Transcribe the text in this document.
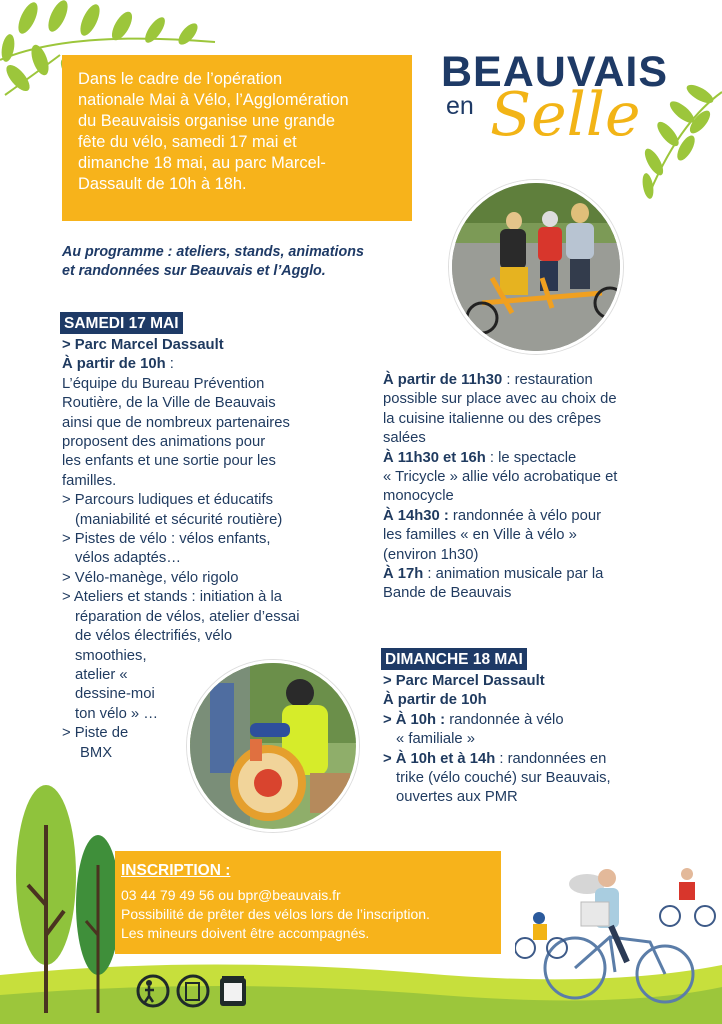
Dans le cadre de l’opération
nationale Mai à Vélo, l’Agglomération
du Beauvaisis organise une grande
fête du vélo, samedi 17 mai et
dimanche 18 mai, au parc Marcel-
Dassault de 10h à 18h.
BEAUVAIS
en Selle
Au programme : ateliers, stands, animations
et randonnées sur Beauvais et l’Agglo.
SAMEDI 17 MAI
> Parc Marcel Dassault
À partir de 10h :
L’équipe du Bureau Prévention
Routière, de la Ville de Beauvais
ainsi que de nombreux partenaires
proposent des animations pour
les enfants et une sortie pour les
familles.
> Parcours ludiques et éducatifs
(maniabilité et sécurité routière)
> Pistes de vélo : vélos enfants,
vélos adaptés…
> Vélo-manège, vélo rigolo
> Ateliers et stands : initiation à la
réparation de vélos, atelier d’essai
de vélos électrifiés, vélo
smoothies,
atelier «
dessine-moi
ton vélo » …
> Piste de
BMX
À partir de 11h30 : restauration
possible sur place avec au choix de
la cuisine italienne ou des crêpes
salées
À 11h30 et 16h : le spectacle
« Tricycle » allie vélo acrobatique et
monocycle
À 14h30 : randonnée à vélo pour
les familles « en Ville à vélo »
(environ 1h30)
À 17h : animation musicale par la
Bande de Beauvais
DIMANCHE 18 MAI
> Parc Marcel Dassault
À partir de 10h
> À 10h : randonnée à vélo
« familiale »
> À 10h et à 14h : randonnées en
trike (vélo couché) sur Beauvais,
ouvertes aux PMR
INSCRIPTION :
03 44 79 49 56 ou bpr@beauvais.fr
Possibilité de prêter des vélos lors de l’inscription.
Les mineurs doivent être accompagnés.
